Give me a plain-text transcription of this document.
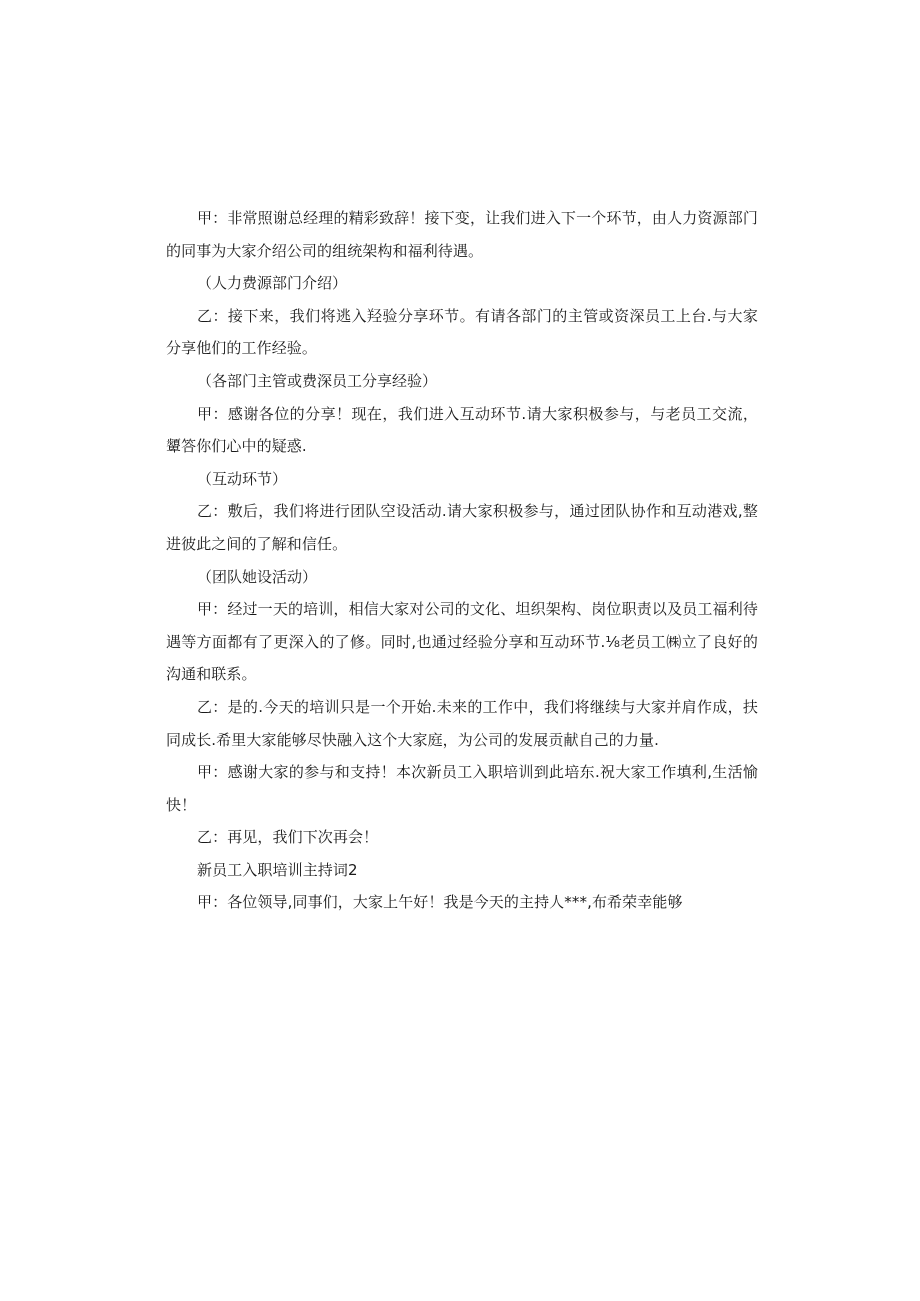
甲：非常照谢总经理的精彩致辞！接下变，让我们进入下一个环节，由人力资源部门的同事为大家介绍公司的组统架构和福利待遇。

（人力费源部门介绍）

乙：接下来，我们将逃入羟验分享环节。有请各部门的主管或资深员工上台.与大家分享他们的工作经验。

（各部门主管或费深员工分享经验）

甲：感谢各位的分享！现在，我们进入互动环节.请大家积极参与，与老员工交流，顰答你们心中的疑惑.

（互动环节）

乙：敷后，我们将进行团队空设活动.请大家积极参与，通过团队协作和互动港戏,整进彼此之间的了解和信任。

（团队她设活动）

甲：经过一天的培训，相信大家对公司的文化、坦织架构、岗位职责以及员工福利待遇等方面都有了更深入的了修。同时,也通过经验分享和互动环节.⅛老员工㈱立了良好的沟通和联系。

乙：是的.今天的培训只是一个开始.未来的工作中，我们将继续与大家并肩作成，扶同成长.希里大家能够尽快融入这个大家庭，为公司的发展贡献自己的力量.

甲：感谢大家的参与和支持！本次新员工入职培训到此培东.祝大家工作填利,生活愉快！

乙：再见，我们下次再会！

新员工入职培训主持词2

甲：各位领导,同事们，大家上午好！我是今天的主持人***,布希荣幸能够
